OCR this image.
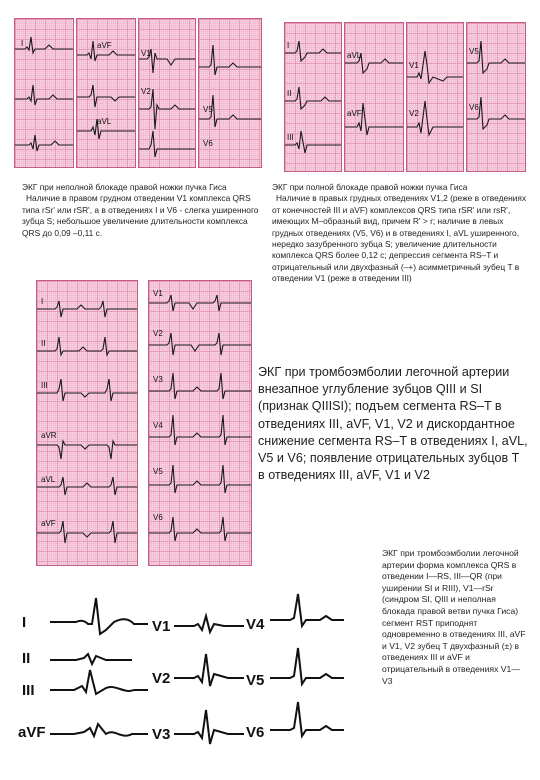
I	aVF
aVL
V1
V2
V5
V6

ЭКГ при неполной блокаде правой ножки пучка Гиса

Наличие в правом грудном отведении V1 комплекса QRS типа rSr' или rSR', а в отведениях I и V6 - слегка уширенного зубца S; небольшое увеличение длительности комплекса QRS до 0,09 –0,11 с.

I
II
III
aVL
aVF
V1
V2
V5
V6

ЭКГ при полной блокаде правой ножки пучка Гиса

Наличие в правых грудных отведениях V1,2 (реже в отведениях от конечностей III и aVF) комплексов QRS типа rSR' или rsR', имеющих М–образный вид, причем R' > r; наличие в левых грудных отведениях (V5, V6) и в отведениях I, aVL уширенного, нередко зазубренного зубца S; увеличение длительности комплекса QRS более 0,12 с; депрессия сегмента RS–T и отрицательный или двухфазный (–+) асимметричный зубец T в отведении V1 (реже в отведении III)

I
II
III
aVR
aVL
aVF
V1
V2
V3
V4
V5
V6

ЭКГ при тромбоэмболии легочной артерии

внезапное углубление зубцов QIII и SI (признак QIIISI); подъем сегмента RS–T в отведениях III, aVF, V1, V2 и дискордантное снижение сегмента RS–T в отведениях I, aVL, V5 и V6; появление отрицательных зубцов T в отведениях III, aVF, V1 и V2

I
II
III
aVF
V1
V2
V3
V4
V5
V6

ЭКГ при тромбоэмболии легочной артерии форма комплекса QRS в отведении I—RS, III—QR (при уширении SI и RIII), V1—rSr (синдром SI, QIII и неполная блокада правой ветви пучка Гиса) сегмент RST приподнят одновременно в отведениях III, aVF и V1, V2 зубец T двухфазный (±) в отведениях III и aVF и отрицательный в отведениях V1—V3
